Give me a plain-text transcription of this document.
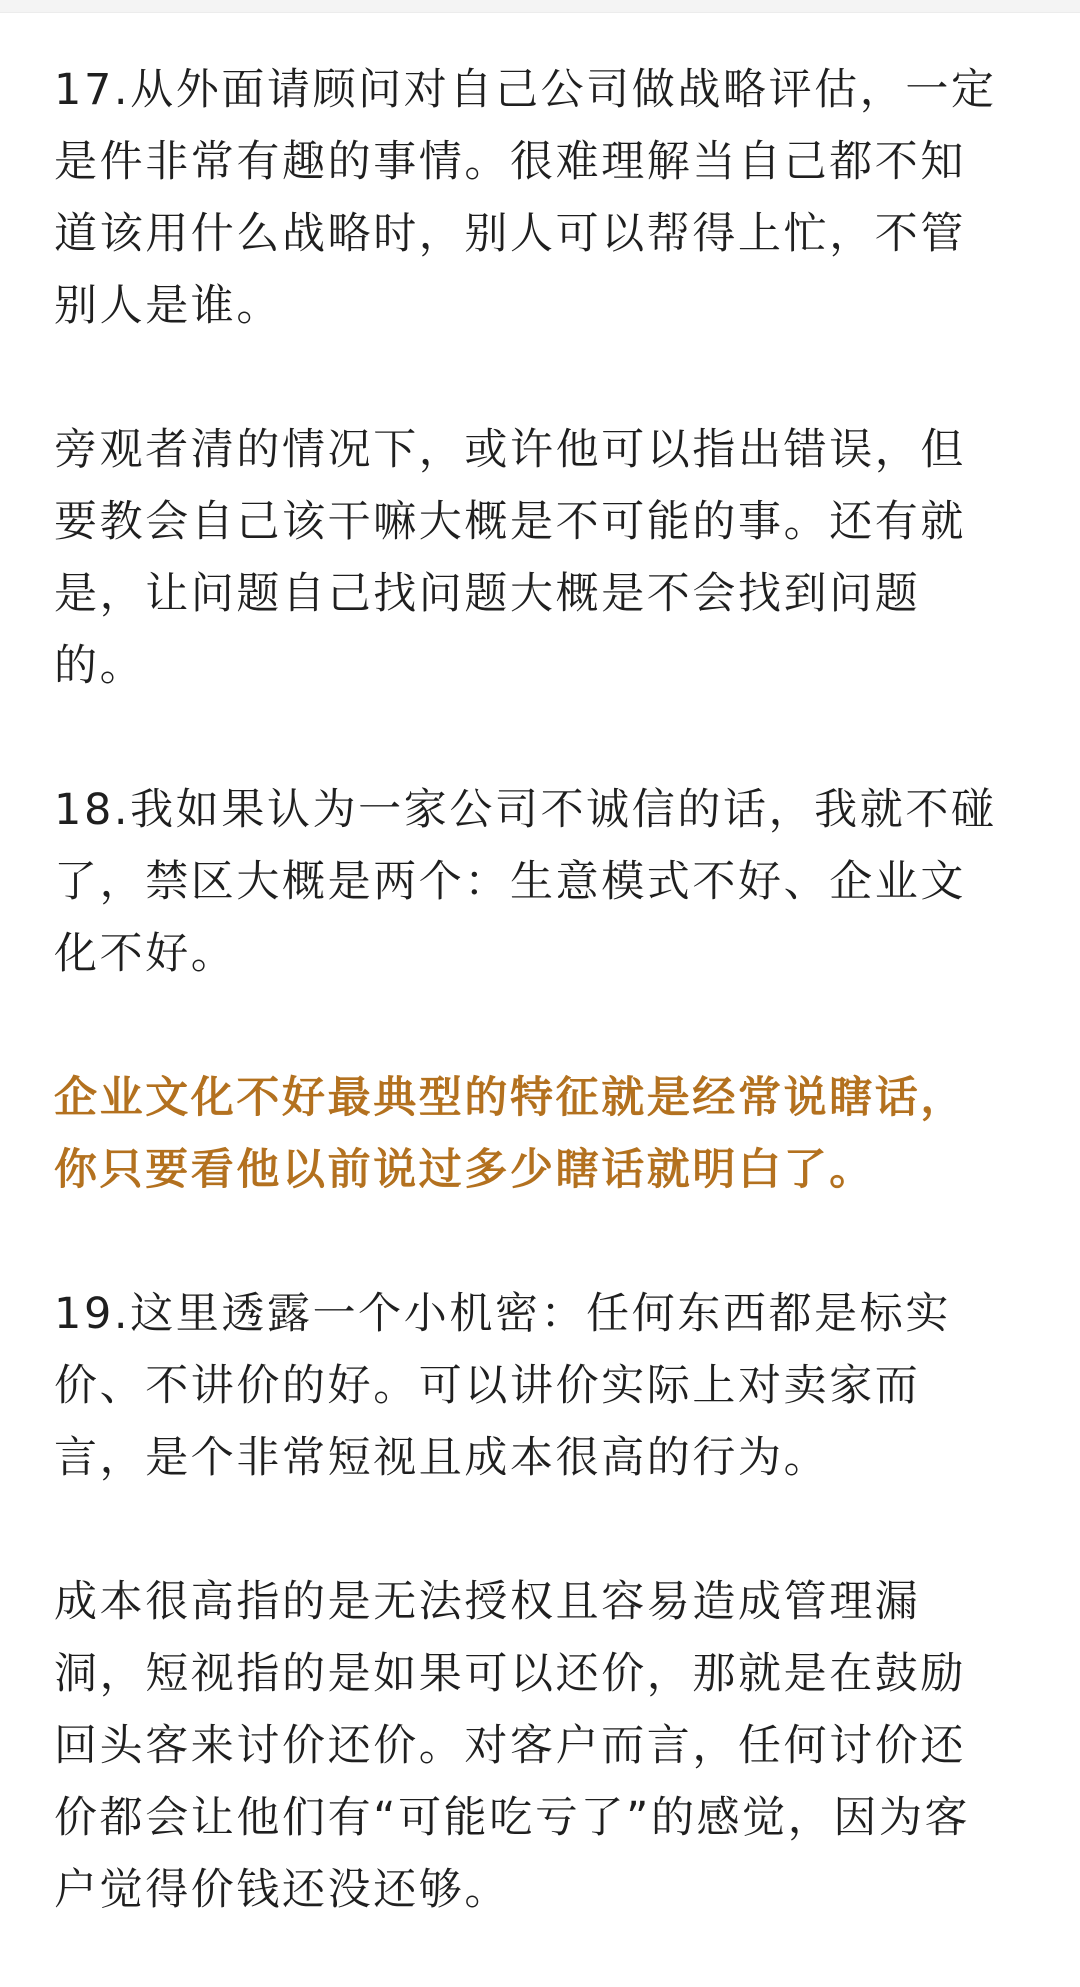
17.从外面请顾问对自己公司做战略评估，一定
是件非常有趣的事情。很难理解当自己都不知
道该用什么战略时，别人可以帮得上忙，不管
别人是谁。

旁观者清的情况下，或许他可以指出错误，但
要教会自己该干嘛大概是不可能的事。还有就
是，让问题自己找问题大概是不会找到问题
的。

18.我如果认为一家公司不诚信的话，我就不碰
了，禁区大概是两个：生意模式不好、企业文
化不好。

企业文化不好最典型的特征就是经常说瞎话，
你只要看他以前说过多少瞎话就明白了。

19.这里透露一个小机密：任何东西都是标实
价、不讲价的好。可以讲价实际上对卖家而
言，是个非常短视且成本很高的行为。

成本很高指的是无法授权且容易造成管理漏
洞，短视指的是如果可以还价，那就是在鼓励
回头客来讨价还价。对客户而言，任何讨价还
价都会让他们有“可能吃亏了”的感觉，因为客
户觉得价钱还没还够。
